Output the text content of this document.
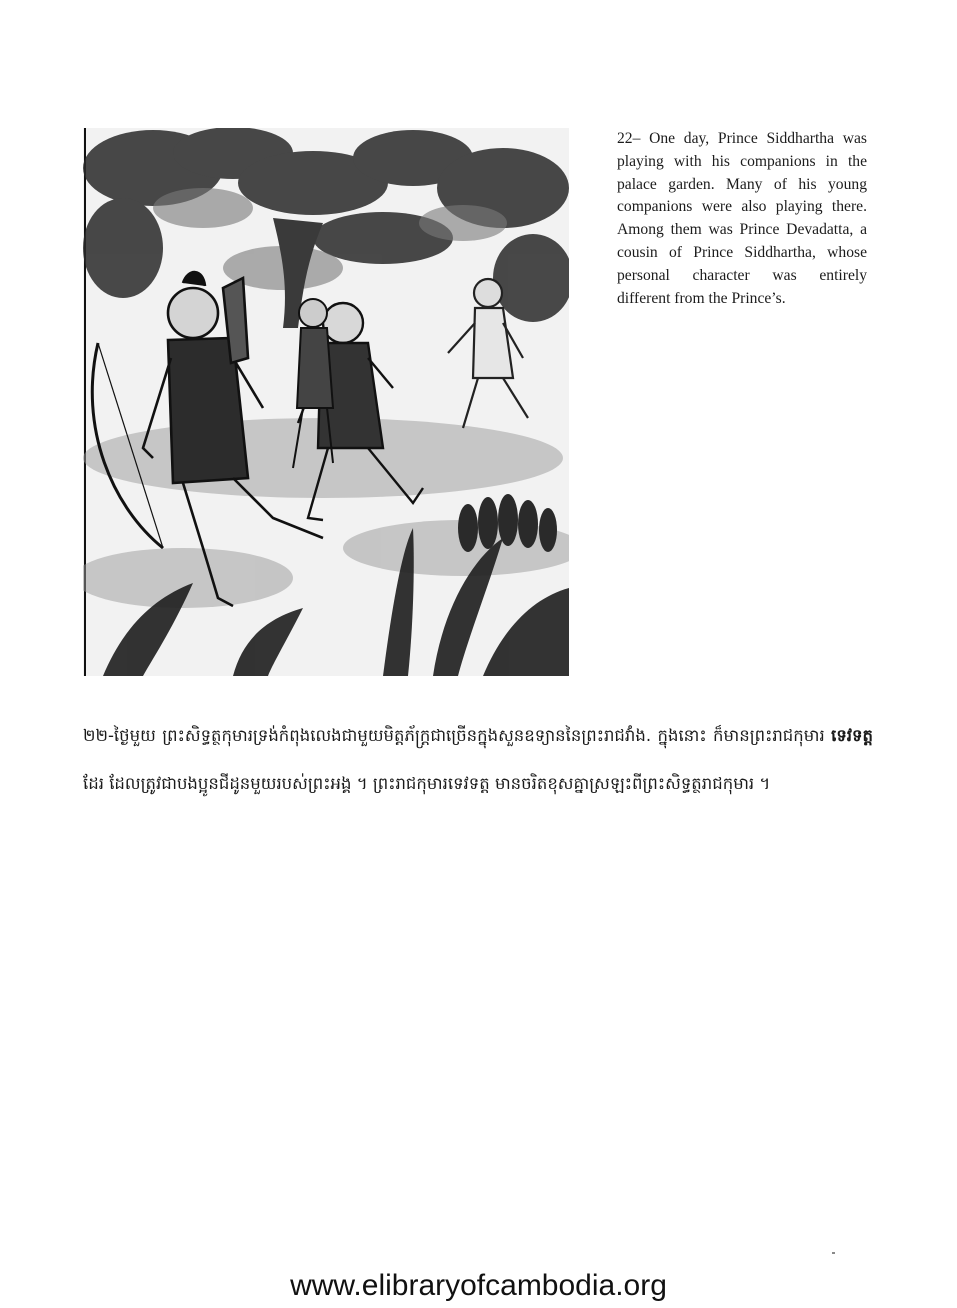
22– One day, Prince Siddhartha was playing with his companions in the palace garden. Many of his young companions were also playing there. Among them was Prince Devadatta, a cousin of Prince Siddhartha, whose personal character was entirely different from the Prince’s.

២២-ថ្ងៃមួយ ព្រះសិទ្ធត្ថកុមារទ្រង់កំពុងលេងជាមួយមិត្តភ័ក្ដ្រជាច្រើនក្នុងសួនឧទ្យាននៃព្រះរាជវាំង. ក្នុងនោះ ក៏មានព្រះរាជកុមារ ទេវទត្ត ដែរ ដែលត្រូវជាបងប្អូនជីដូនមួយរបស់ព្រះអង្គ ។ ព្រះរាជកុមារទេវទត្ត មានចរិតខុសគ្នាស្រឡះពីព្រះសិទ្ធត្ថរាជកុមារ ។

www.elibraryofcambodia.org
